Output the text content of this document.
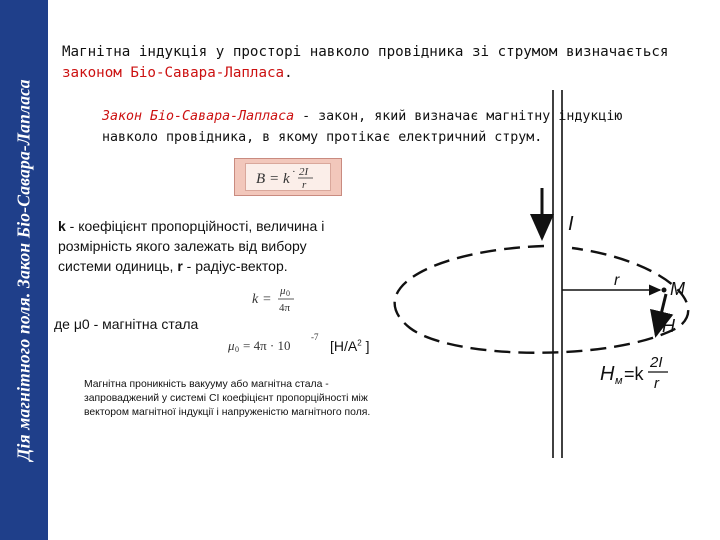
Дія магнітного поля. Закон Біо-Савара-Лапласа

Магнітна індукція у просторі навколо провідника зі струмом визначається законом Біо-Савара-Лапласа.

Закон Біо-Савара-Лапласа - закон, який визначає магнітну індукцію навколо провідника, в якому протікає електричний струм.

B = k · 2I
r

k - коефіцієнт пропорційності, величина і розмірність якого залежать від вибору системи одиниць, r - радіус-вектор.

k =
μ 0
4π

де μ0 - магнітна стала

μ 0 = 4π · 10
-7

[$Н/А^2$ ]

Магнітна проникність вакууму або магнітна стала - запроваджений у системі СІ коефіцієнт пропорційності між вектором магнітної індукції і напруженістю магнітного поля.

I
r	M
H
H м =k
2I
r
